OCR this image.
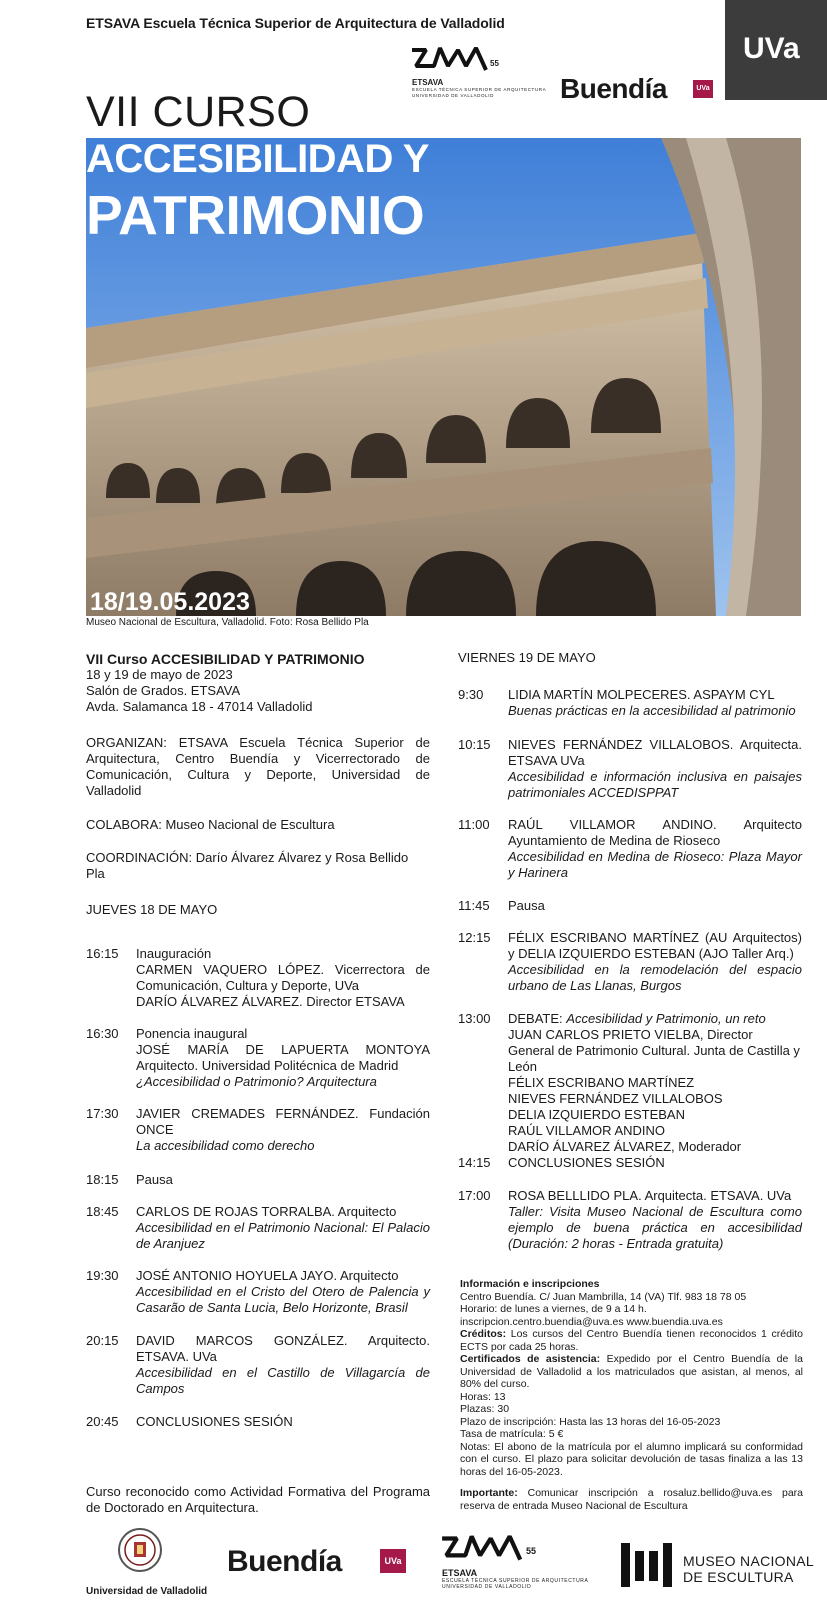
ETSAVA Escuela Técnica Superior de Arquitectura de Valladolid
UVa
55
ETSAVA
ESCUELA TÉCNICA SUPERIOR DE ARQUITECTURA
UNIVERSIDAD DE VALLADOLID	Buendía	UVa
VII CURSO
ACCESIBILIDAD Y
PATRIMONIO
18/19.05.2023
Museo Nacional de Escultura, Valladolid. Foto: Rosa Bellido Pla
VII Curso ACCESIBILIDAD Y PATRIMONIO
18 y 19 de mayo de 2023
Salón de Grados. ETSAVA
Avda. Salamanca 18 - 47014 Valladolid
ORGANIZAN: ETSAVA Escuela Técnica Superior de Arquitectura, Centro Buendía y Vicerrectorado de Comunicación, Cultura y Deporte, Universidad de Valladolid
COLABORA: Museo Nacional de Escultura
COORDINACIÓN: Darío Álvarez Álvarez y Rosa Bellido Pla
JUEVES 18 DE MAYO
16:15	Inauguración
CARMEN VAQUERO LÓPEZ. Vicerrectora de Comunicación, Cultura y Deporte, UVa
DARÍO ÁLVAREZ ÁLVAREZ. Director ETSAVA
16:30	Ponencia inaugural
JOSÉ MARÍA DE LAPUERTA MONTOYA Arquitecto. Universidad Politécnica de Madrid
¿Accesibilidad o Patrimonio? Arquitectura
17:30	JAVIER CREMADES FERNÁNDEZ. Fundación ONCE
La accesibilidad como derecho
18:15	Pausa
18:45	CARLOS DE ROJAS TORRALBA. Arquitecto
Accesibilidad en el Patrimonio Nacional: El Palacio de Aranjuez
19:30	JOSÉ ANTONIO HOYUELA JAYO. Arquitecto
Accesibilidad en el Cristo del Otero de Palencia y Casarão de Santa Lucia, Belo Horizonte, Brasil
20:15	DAVID MARCOS GONZÁLEZ. Arquitecto. ETSAVA. UVa
Accesibilidad en el Castillo de Villagarcía de Campos
20:45	CONCLUSIONES SESIÓN
Curso reconocido como Actividad Formativa del Programa de Doctorado en Arquitectura.
VIERNES 19 DE MAYO
9:30	LIDIA MARTÍN MOLPECERES. ASPAYM CYL
Buenas prácticas en la accesibilidad al patrimonio
10:15	NIEVES FERNÁNDEZ VILLALOBOS. Arquitecta. ETSAVA UVa
Accesibilidad e información inclusiva en paisajes patrimoniales ACCEDISPPAT
11:00	RAÚL VILLAMOR ANDINO. Arquitecto Ayuntamiento de Medina de Rioseco
Accesibilidad en Medina de Rioseco: Plaza Mayor y Harinera
11:45	Pausa
12:15	FÉLIX ESCRIBANO MARTÍNEZ (AU Arquitectos) y DELIA IZQUIERDO ESTEBAN (AJO Taller Arq.)
Accesibilidad en la remodelación del espacio urbano de Las Llanas, Burgos
13:00	DEBATE: Accesibilidad y Patrimonio, un reto
JUAN CARLOS PRIETO VIELBA, Director General de Patrimonio Cultural. Junta de Castilla y León
FÉLIX ESCRIBANO MARTÍNEZ
NIEVES FERNÁNDEZ VILLALOBOS
DELIA IZQUIERDO ESTEBAN
RAÚL VILLAMOR ANDINO
DARÍO ÁLVAREZ ÁLVAREZ, Moderador
14:15	CONCLUSIONES SESIÓN
17:00	ROSA BELLLIDO PLA. Arquitecta. ETSAVA. UVa
Taller: Visita Museo Nacional de Escultura como ejemplo de buena práctica en accesibilidad (Duración: 2 horas - Entrada gratuita)
Información e inscripciones
Centro Buendía. C/ Juan Mambrilla, 14 (VA) Tlf. 983 18 78 05
Horario: de lunes a viernes, de 9 a 14 h.
inscripcion.centro.buendia@uva.es www.buendia.uva.es
Créditos: Los cursos del Centro Buendía tienen reconocidos 1 crédito ECTS por cada 25 horas.
Certificados de asistencia: Expedido por el Centro Buendía de la Universidad de Valladolid a los matriculados que asistan, al menos, al 80% del curso.
Horas: 13
Plazas: 30
Plazo de inscripción: Hasta las 13 horas del 16-05-2023
Tasa de matrícula: 5 €
Notas: El abono de la matrícula por el alumno implicará su conformidad con el curso. El plazo para solicitar devolución de tasas finaliza a las 13 horas del 16-05-2023.
Importante: Comunicar inscripción a rosaluz.bellido@uva.es para reserva de entrada Museo Nacional de Escultura
Universidad de Valladolid
Buendía	UVa
55
ETSAVA
ESCUELA TÉCNICA SUPERIOR DE ARQUITECTURA
UNIVERSIDAD DE VALLADOLID
MUSEO NACIONAL
DE ESCULTURA
